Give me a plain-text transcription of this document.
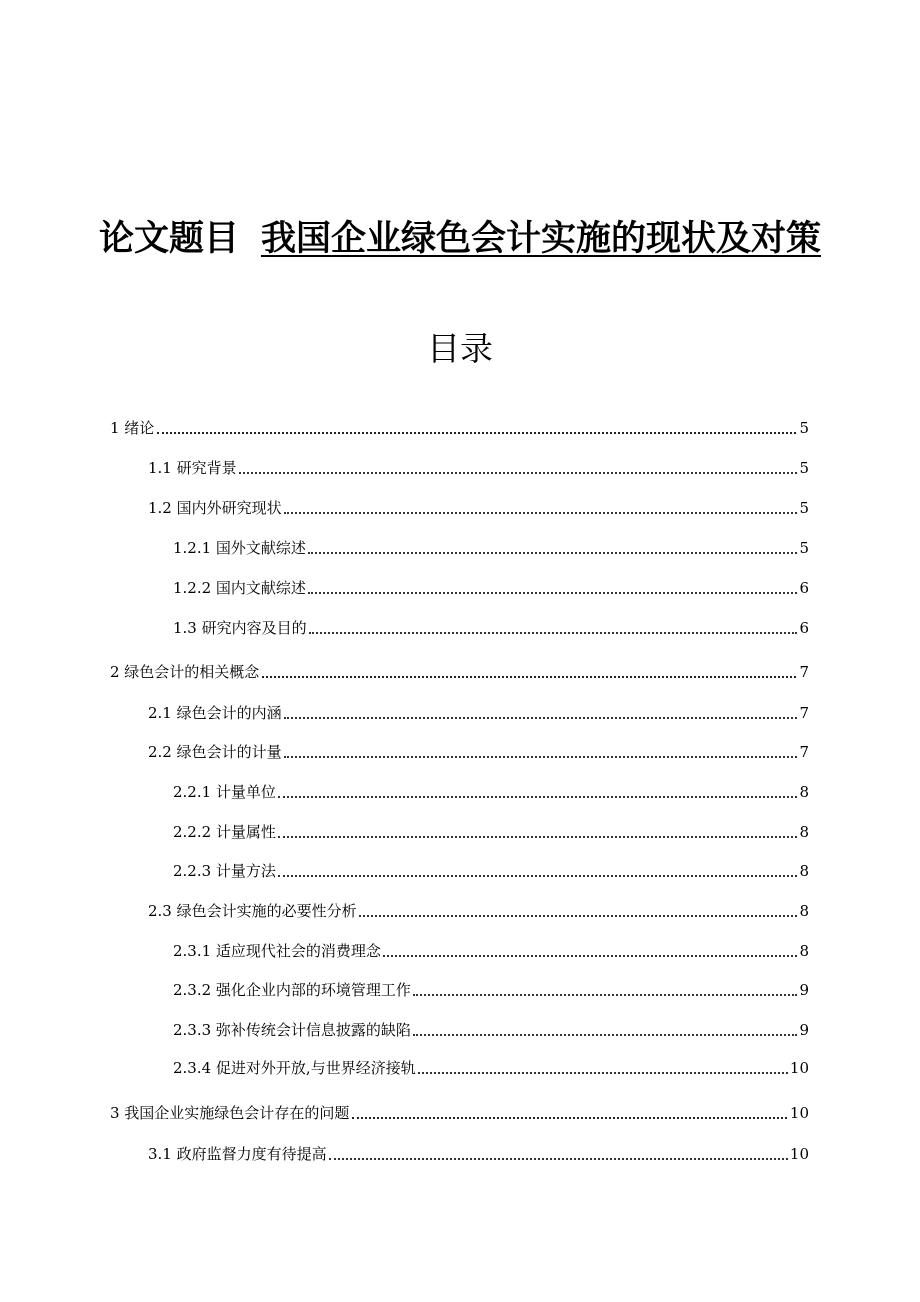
论文题目 我国企业绿色会计实施的现状及对策
目录
1 绪论	5
1.1 研究背景	5
1.2 国内外研究现状	5
1.2.1 国外文献综述	5
1.2.2 国内文献综述	6
1.3 研究内容及目的	6
2 绿色会计的相关概念	7
2.1 绿色会计的内涵	7
2.2 绿色会计的计量	7
2.2.1 计量单位	8
2.2.2 计量属性	8
2.2.3 计量方法	8
2.3 绿色会计实施的必要性分析	8
2.3.1 适应现代社会的消费理念	8
2.3.2 强化企业内部的环境管理工作	9
2.3.3 弥补传统会计信息披露的缺陷	9
2.3.4 促进对外开放,与世界经济接轨	10
3 我国企业实施绿色会计存在的问题	10
3.1 政府监督力度有待提高	10
